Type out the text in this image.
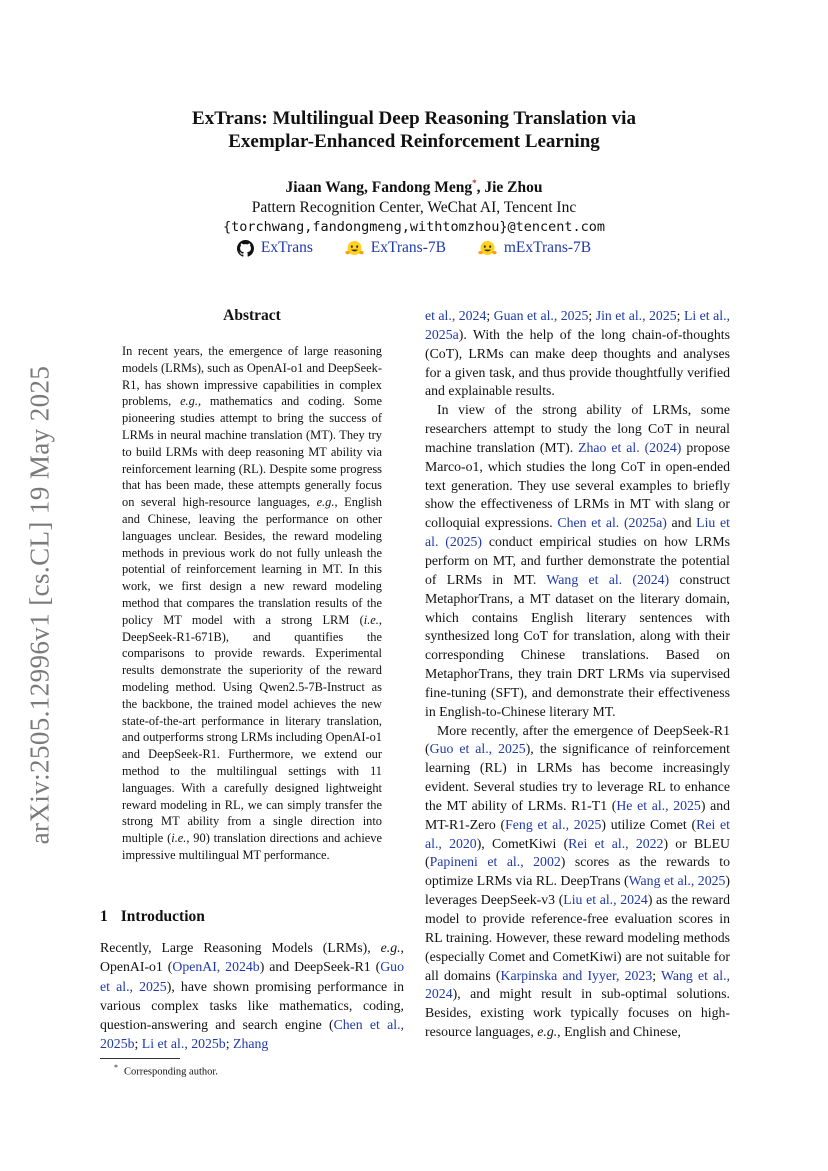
arXiv:2505.12996v1 [cs.CL] 19 May 2025
ExTrans: Multilingual Deep Reasoning Translation via
Exemplar-Enhanced Reinforcement Learning
Jiaan Wang, Fandong Meng*, Jie Zhou
Pattern Recognition Center, WeChat AI, Tencent Inc
{torchwang,fandongmeng,withtomzhou}@tencent.com
ExTrans
	ExTrans-7B
	mExTrans-7B
Abstract

In recent years, the emergence of large reasoning models (LRMs), such as OpenAI-o1 and DeepSeek-R1, has shown impressive capabilities in complex problems, e.g., mathematics and coding. Some pioneering studies attempt to bring the success of LRMs in neural machine translation (MT). They try to build LRMs with deep reasoning MT ability via reinforcement learning (RL). Despite some progress that has been made, these attempts generally focus on several high-resource languages, e.g., English and Chinese, leaving the performance on other languages unclear. Besides, the reward modeling methods in previous work do not fully unleash the potential of reinforcement learning in MT. In this work, we first design a new reward modeling method that compares the translation results of the policy MT model with a strong LRM (i.e., DeepSeek-R1-671B), and quantifies the comparisons to provide rewards. Experimental results demonstrate the superiority of the reward modeling method. Using Qwen2.5-7B-Instruct as the backbone, the trained model achieves the new state-of-the-art performance in literary translation, and outperforms strong LRMs including OpenAI-o1 and DeepSeek-R1. Furthermore, we extend our method to the multilingual settings with 11 languages. With a carefully designed lightweight reward modeling in RL, we can simply transfer the strong MT ability from a single direction into multiple (i.e., 90) translation directions and achieve impressive multilingual MT performance.

1 Introduction

Recently, Large Reasoning Models (LRMs), e.g., OpenAI-o1 (OpenAI, 2024b) and DeepSeek-R1 (Guo et al., 2025), have shown promising performance in various complex tasks like mathematics, coding, question-answering and search engine (Chen et al., 2025b; Li et al., 2025b; Zhang

* Corresponding author.

et al., 2024; Guan et al., 2025; Jin et al., 2025; Li et al., 2025a). With the help of the long chain-of-thoughts (CoT), LRMs can make deep thoughts and analyses for a given task, and thus provide thoughtfully verified and explainable results.

In view of the strong ability of LRMs, some researchers attempt to study the long CoT in neural machine translation (MT). Zhao et al. (2024) propose Marco-o1, which studies the long CoT in open-ended text generation. They use several examples to briefly show the effectiveness of LRMs in MT with slang or colloquial expressions. Chen et al. (2025a) and Liu et al. (2025) conduct empirical studies on how LRMs perform on MT, and further demonstrate the potential of LRMs in MT. Wang et al. (2024) construct MetaphorTrans, a MT dataset on the literary domain, which contains English literary sentences with synthesized long CoT for translation, along with their corresponding Chinese translations. Based on MetaphorTrans, they train DRT LRMs via supervised fine-tuning (SFT), and demonstrate their effectiveness in English-to-Chinese literary MT.

More recently, after the emergence of DeepSeek-R1 (Guo et al., 2025), the significance of reinforcement learning (RL) in LRMs has become increasingly evident. Several studies try to leverage RL to enhance the MT ability of LRMs. R1-T1 (He et al., 2025) and MT-R1-Zero (Feng et al., 2025) utilize Comet (Rei et al., 2020), CometKiwi (Rei et al., 2022) or BLEU (Papineni et al., 2002) scores as the rewards to optimize LRMs via RL. DeepTrans (Wang et al., 2025) leverages DeepSeek-v3 (Liu et al., 2024) as the reward model to provide reference-free evaluation scores in RL training. However, these reward modeling methods (especially Comet and CometKiwi) are not suitable for all domains (Karpinska and Iyyer, 2023; Wang et al., 2024), and might result in sub-optimal solutions. Besides, existing work typically focuses on high-resource languages, e.g., English and Chinese,
